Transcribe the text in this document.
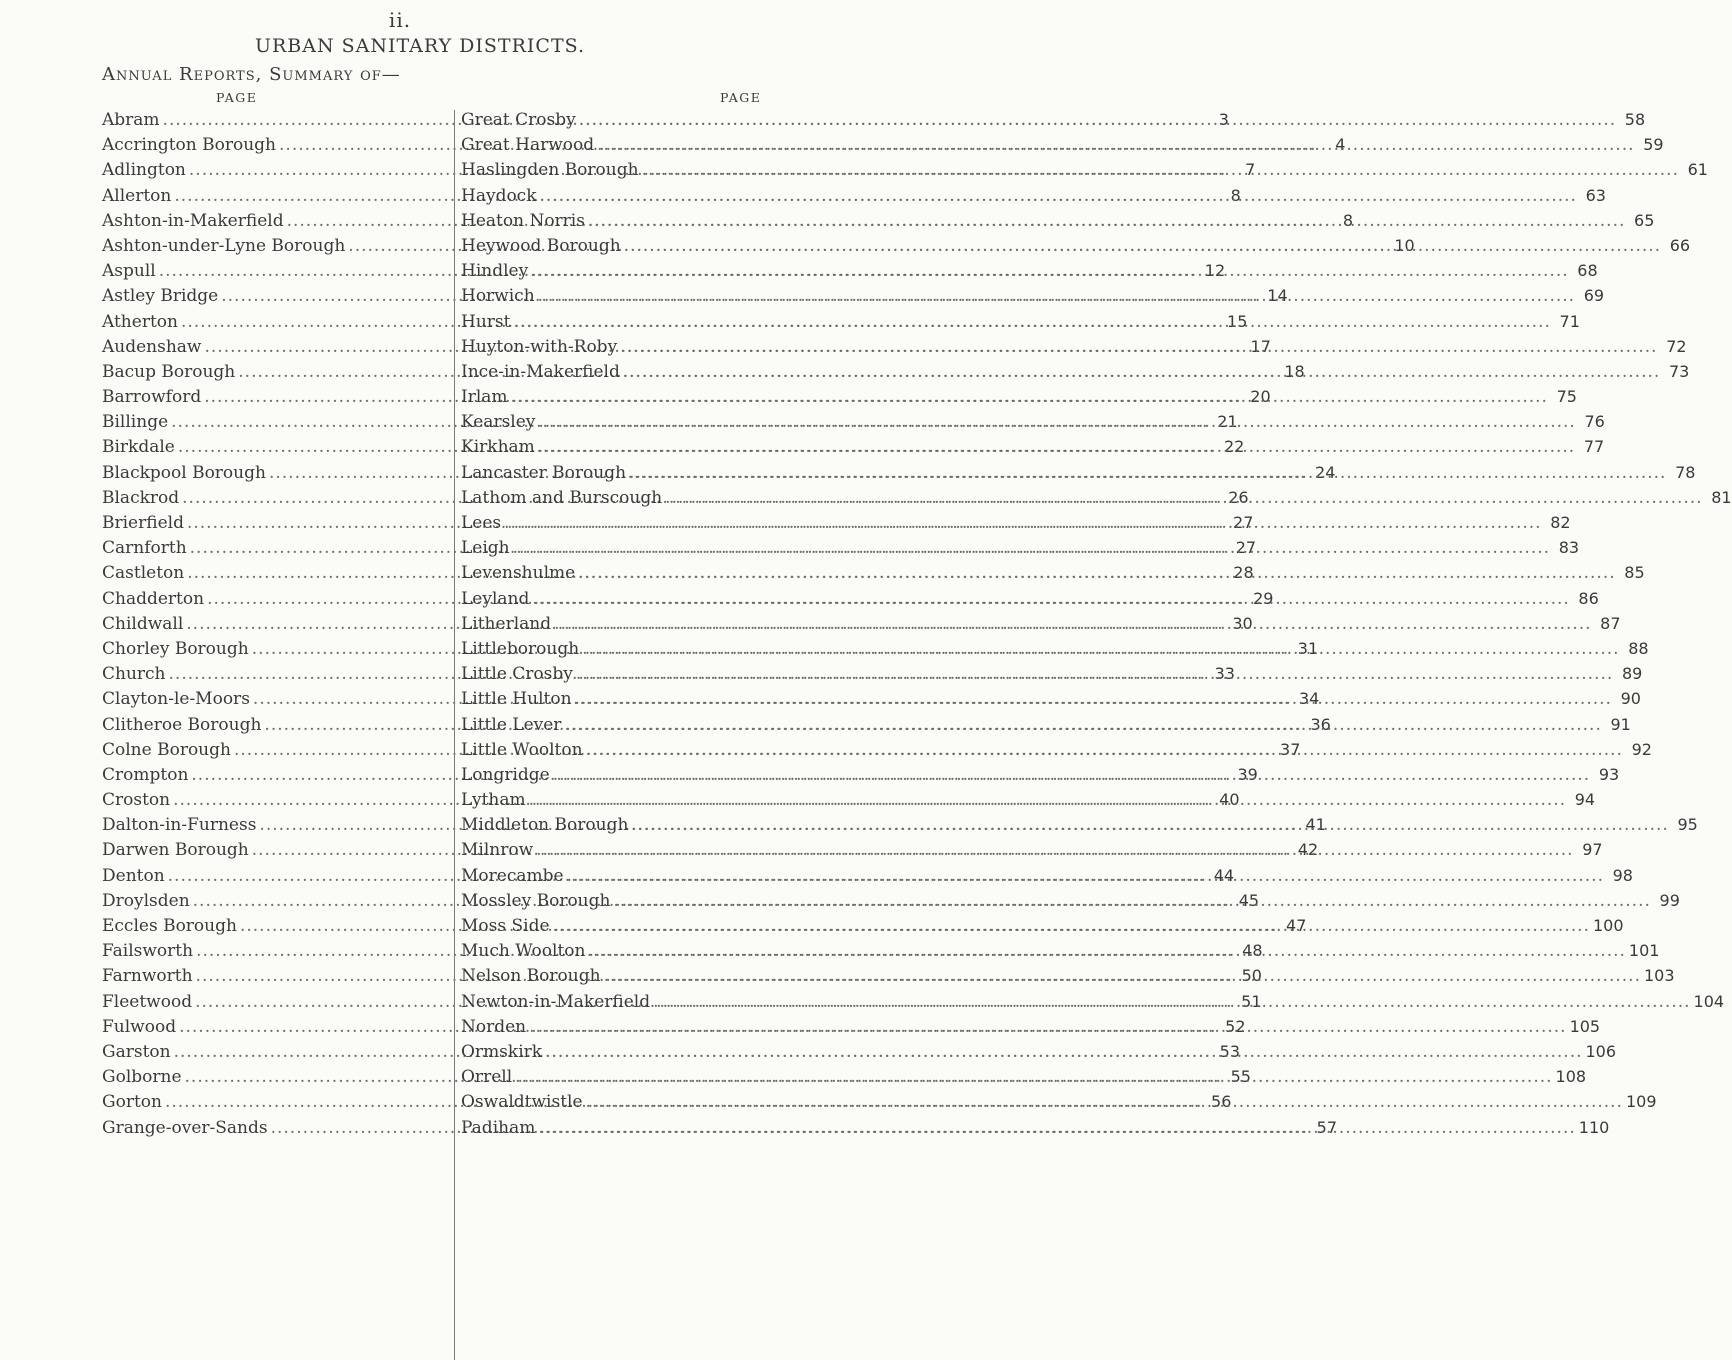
ii.
URBAN SANITARY DISTRICTS.
Annual Reports, Summary of—
PAGE	PAGE
Abram .....	3
Accrington Borough .....	4
Adlington .....	7
Allerton .....	8
Ashton-in-Makerfield .....	8
Ashton-under-Lyne Borough .....	10
Aspull .....	12
Astley Bridge .....	14
Atherton .....	15
Audenshaw .....	17
Bacup Borough .....	18
Barrowford .....	20
Billinge .....	21
Birkdale .....	22
Blackpool Borough .....	24
Blackrod .....	26
Brierfield .....	27
Carnforth .....	27
Castleton .....	28
Chadderton .....	29
Childwall .....	30
Chorley Borough .....	31
Church .....	33
Clayton-le-Moors .....	34
Clitheroe Borough .....	36
Colne Borough .....	37
Crompton .....	39
Croston .....	40
Dalton-in-Furness .....	41
Darwen Borough .....	42
Denton .....	44
Droylsden .....	45
Eccles Borough .....	47
Failsworth .....	48
Farnworth .....	50
Fleetwood .....	51
Fulwood .....	52
Garston .....	53
Golborne .....	55
Gorton .....	56
Grange-over-Sands .....	57
Great Crosby .....	58
Great Harwood .....	59
Haslingden Borough .....	61
Haydock .....	63
Heaton Norris .....	65
Heywood Borough .....	66
Hindley .....	68
Horwich .....	69
Hurst .....	71
Huyton-with-Roby .....	72
Ince-in-Makerfield .....	73
Irlam .....	75
Kearsley .....	76
Kirkham .....	77
Lancaster Borough .....	78
Lathom and Burscough .....	81
Lees .....	82
Leigh .....	83
Levenshulme .....	85
Leyland .....	86
Litherland .....	87
Littleborough .....	88
Little Crosby .....	89
Little Hulton .....	90
Little Lever .....	91
Little Woolton .....	92
Longridge .....	93
Lytham .....	94
Middleton Borough .....	95
Milnrow .....	97
Morecambe .....	98
Mossley Borough .....	99
Moss Side .....	100
Much Woolton .....	101
Nelson Borough .....	103
Newton-in-Makerfield .....	104
Norden .....	105
Ormskirk .....	106
Orrell .....	108
Oswaldtwistle .....	109
Padiham .....	110
